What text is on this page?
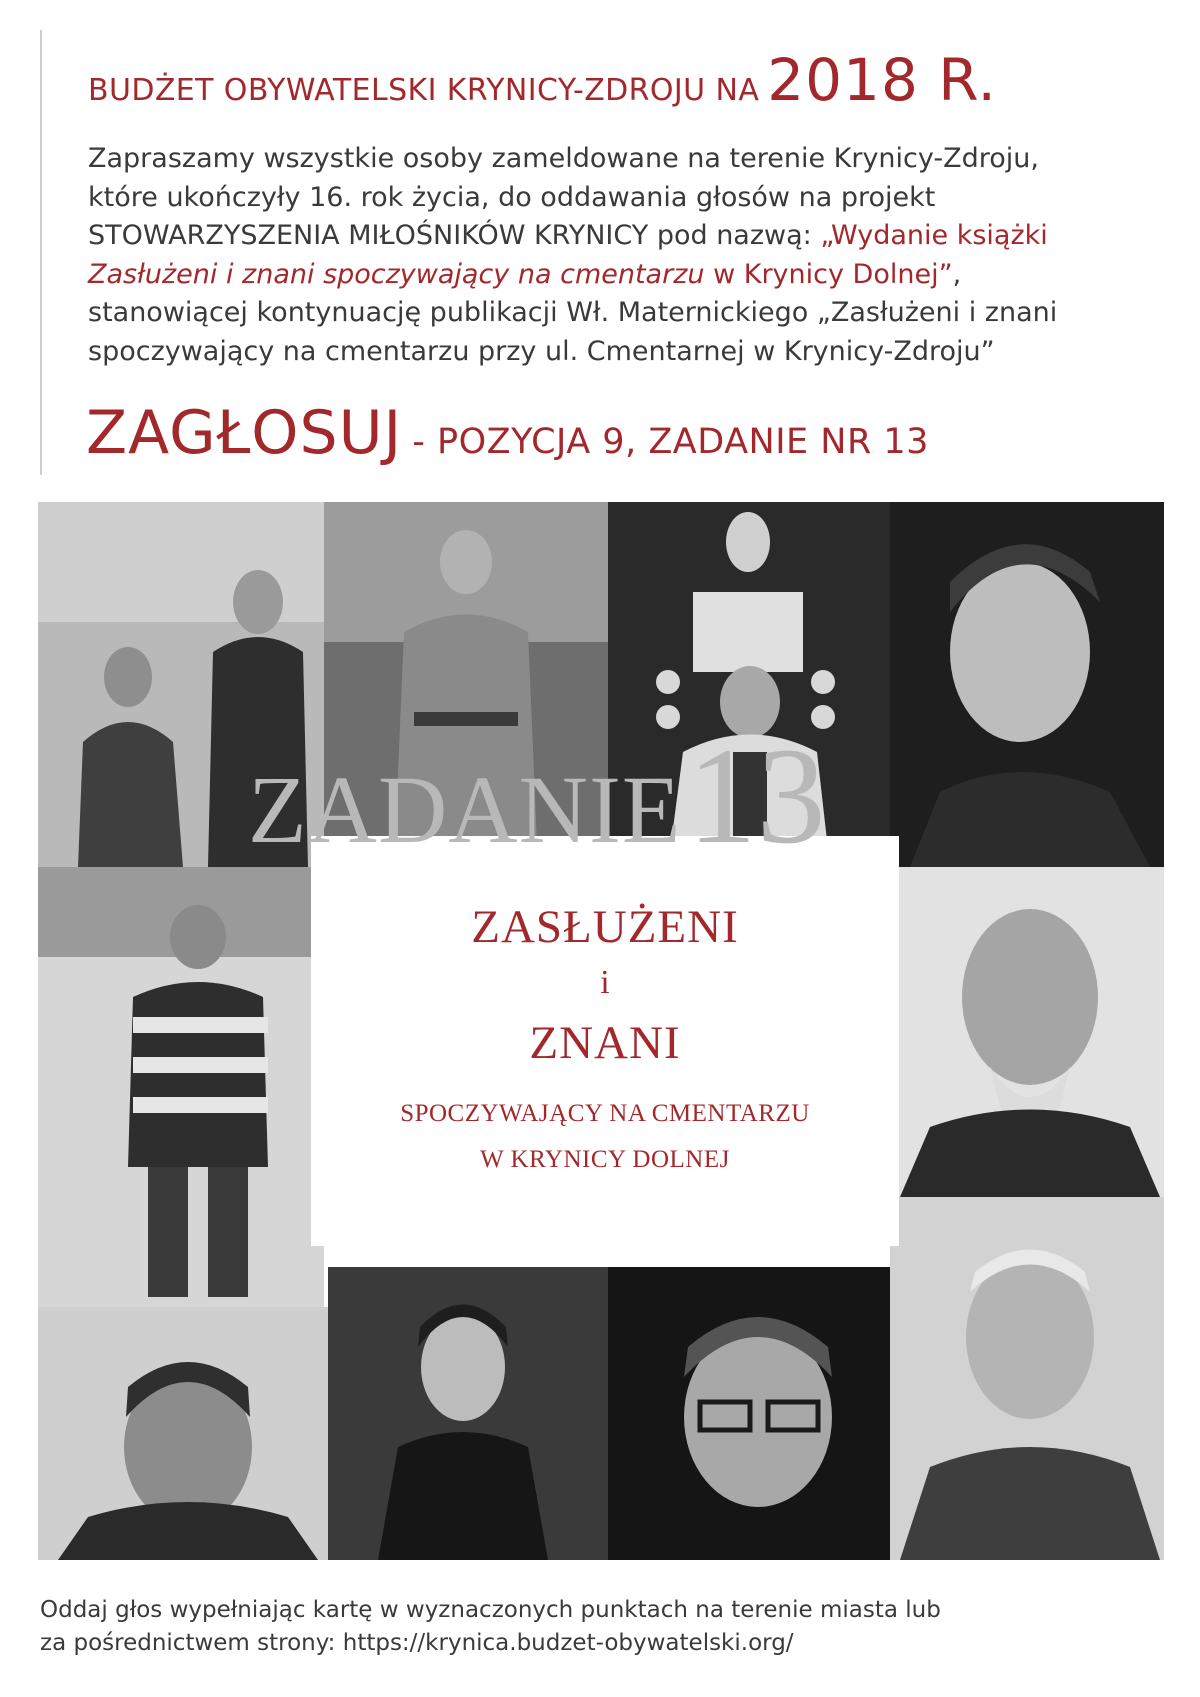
BUDŻET OBYWATELSKI KRYNICY-ZDROJU NA 2018 R.
Zapraszamy wszystkie osoby zameldowane na terenie Krynicy-Zdroju,
które ukończyły 16. rok życia, do oddawania głosów na projekt
STOWARZYSZENIA MIŁOŚNIKÓW KRYNICY pod nazwą: „Wydanie książki
Zasłużeni i znani spoczywający na cmentarzu w Krynicy Dolnej”,
stanowiącej kontynuację publikacji Wł. Maternickiego „Zasłużeni i znani
spoczywający na cmentarzu przy ul. Cmentarnej w Krynicy-Zdroju”
ZAGŁOSUJ - POZYCJA 9, ZADANIE NR 13
ZASŁUŻENI
i
ZNANI
SPOCZYWAJĄCY NA CMENTARZU
W KRYNICY DOLNEJ
ZADANIE13
Oddaj głos wypełniając kartę w wyznaczonych punktach na terenie miasta lub
za pośrednictwem strony: https://krynica.budzet-obywatelski.org/
